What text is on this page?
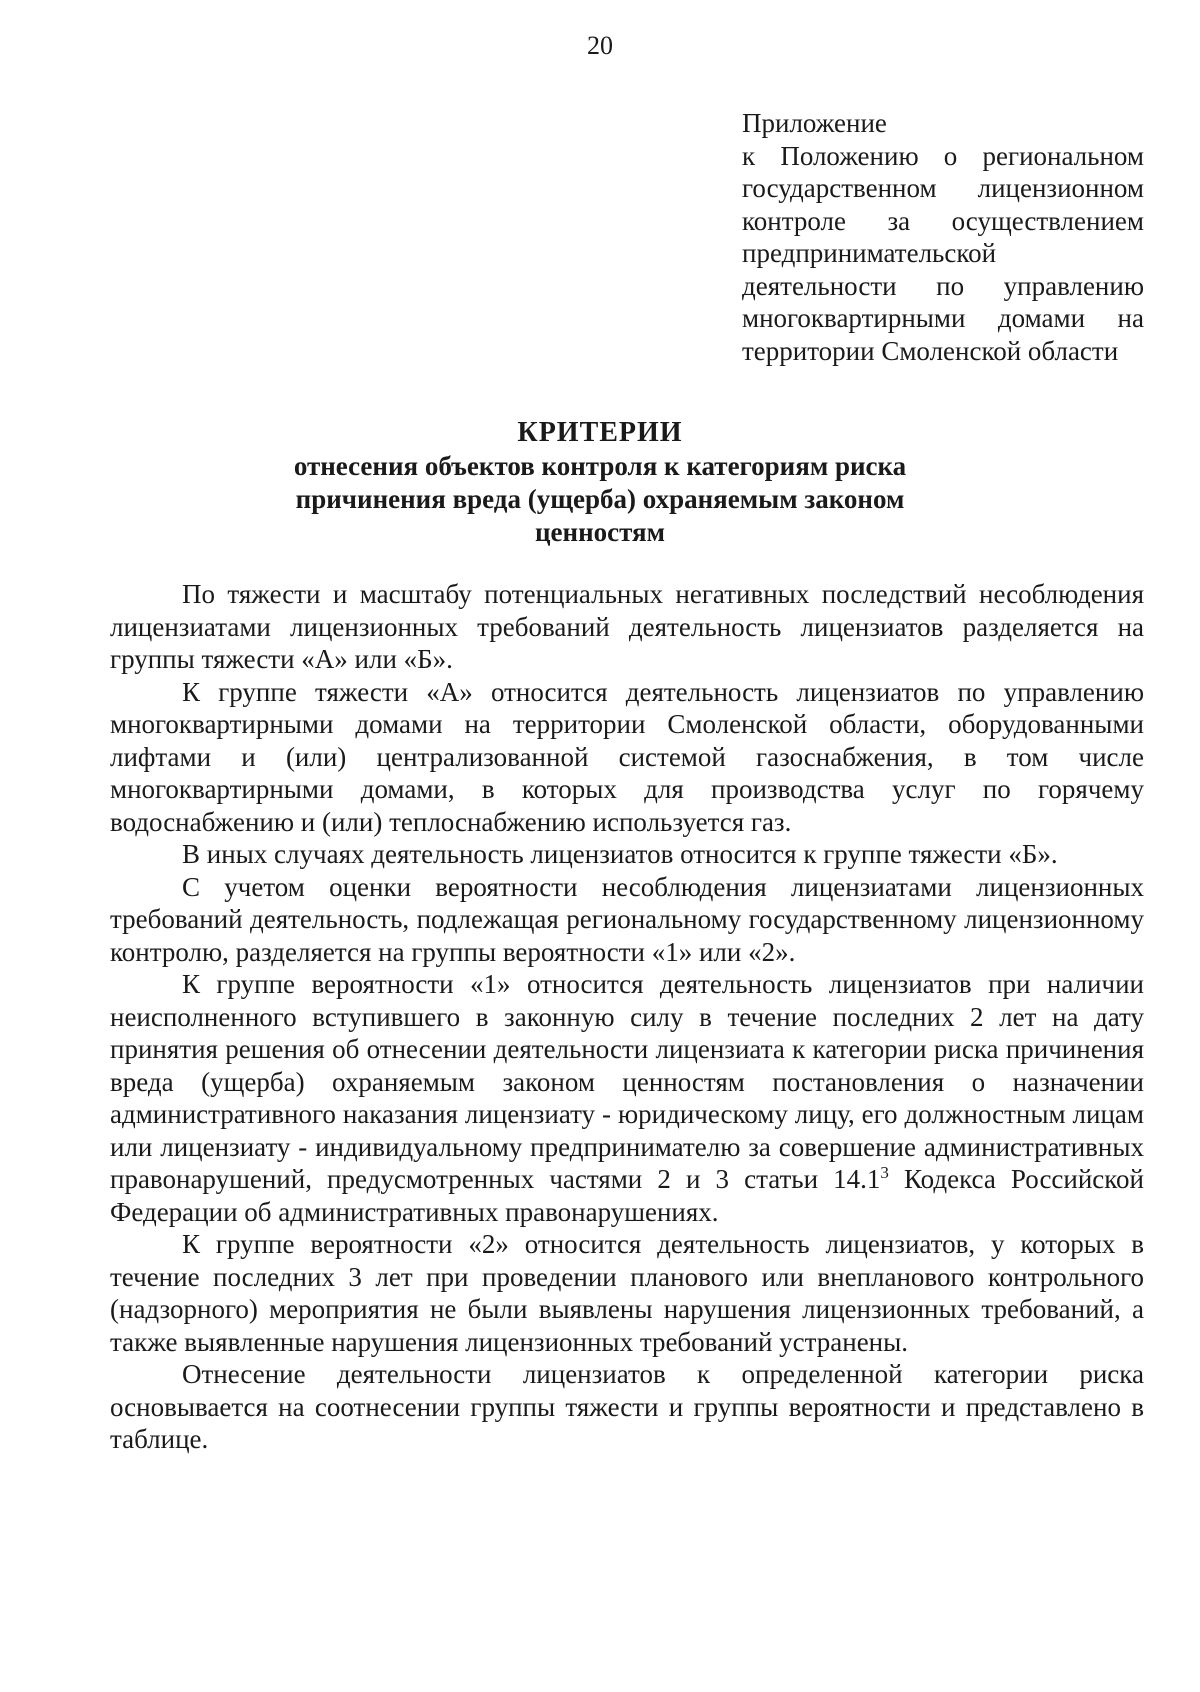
20
Приложение
к Положению о региональном
государственном лицензионном
контроле за осуществлением
предпринимательской
деятельности по управлению
многоквартирными домами на
территории Смоленской области
КРИТЕРИИ
отнесения объектов контроля к категориям риска
причинения вреда (ущерба) охраняемым законом
ценностям

По тяжести и масштабу потенциальных негативных последствий несоблюдения лицензиатами лицензионных требований деятельность лицензиатов разделяется на группы тяжести «А» или «Б».

К группе тяжести «А» относится деятельность лицензиатов по управлению многоквартирными домами на территории Смоленской области, оборудованными лифтами и (или) централизованной системой газоснабжения, в том числе многоквартирными домами, в которых для производства услуг по горячему водоснабжению и (или) теплоснабжению используется газ.

В иных случаях деятельность лицензиатов относится к группе тяжести «Б».

С учетом оценки вероятности несоблюдения лицензиатами лицензионных требований деятельность, подлежащая региональному государственному лицензионному контролю, разделяется на группы вероятности «1» или «2».

К группе вероятности «1» относится деятельность лицензиатов при наличии неисполненного вступившего в законную силу в течение последних 2 лет на дату принятия решения об отнесении деятельности лицензиата к категории риска причинения вреда (ущерба) охраняемым законом ценностям постановления о назначении административного наказания лицензиату - юридическому лицу, его должностным лицам или лицензиату - индивидуальному предпринимателю за совершение административных правонарушений, предусмотренных частями 2 и 3 статьи 14.1$^3$ Кодекса Российской Федерации об административных правонарушениях.

К группе вероятности «2» относится деятельность лицензиатов, у которых в течение последних 3 лет при проведении планового или внепланового контрольного (надзорного) мероприятия не были выявлены нарушения лицензионных требований, а также выявленные нарушения лицензионных требований устранены.

Отнесение деятельности лицензиатов к определенной категории риска основывается на соотнесении группы тяжести и группы вероятности и представлено в таблице.
